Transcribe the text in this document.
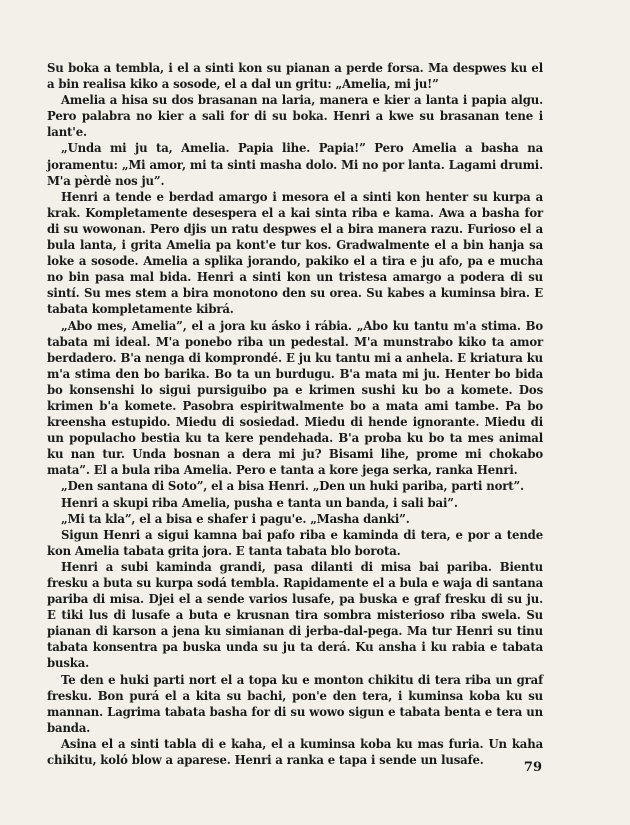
Su boka a tembla, i el a sinti kon su pianan a perde forsa. Ma despwes ku el a bin realisa kiko a sosode, el a dal un gritu: „Amelia, mi ju!”

Amelia a hisa su dos brasanan na laria, manera e kier a lanta i papia algu. Pero palabra no kier a sali for di su boka. Henri a kwe su brasanan tene i lant'e.

„Unda mi ju ta, Amelia. Papia lihe. Papia!” Pero Amelia a basha na joramentu: „Mi amor, mi ta sinti masha dolo. Mi no por lanta. Lagami drumi. M'a pèrdè nos ju”.

Henri a tende e berdad amargo i mesora el a sinti kon henter su kurpa a krak. Kompletamente desespera el a kai sinta riba e kama. Awa a basha for di su wowonan. Pero djis un ratu despwes el a bira manera razu. Furioso el a bula lanta, i grita Amelia pa kont'e tur kos. Gradwalmente el a bin hanja sa loke a sosode. Amelia a splika jorando, pakiko el a tira e ju afo, pa e mucha no bin pasa mal bida. Henri a sinti kon un tristesa amargo a podera di su sintí. Su mes stem a bira monotono den su orea. Su kabes a kuminsa bira. E tabata kompletamente kibrá.

„Abo mes, Amelia”, el a jora ku ásko i rábia. „Abo ku tantu m'a stima. Bo tabata mi ideal. M'a ponebo riba un pedestal. M'a munstrabo kiko ta amor berdadero. B'a nenga di komprondé. E ju ku tantu mi a anhela. E kriatura ku m'a stima den bo barika. Bo ta un burdugu. B'a mata mi ju. Henter bo bida bo konsenshi lo sigui pursiguibo pa e krimen sushi ku bo a komete. Dos krimen b'a komete. Pasobra espiritwalmente bo a mata ami tambe. Pa bo kreensha estupido. Miedu di sosiedad. Miedu di hende ignorante. Miedu di un populacho bestia ku ta kere pendehada. B'a proba ku bo ta mes animal ku nan tur. Unda bosnan a dera mi ju? Bisami lihe, prome mi chokabo mata”. El a bula riba Amelia. Pero e tanta a kore jega serka, ranka Henri.

„Den santana di Soto”, el a bisa Henri. „Den un huki pariba, parti nort”.

Henri a skupi riba Amelia, pusha e tanta un banda, i sali bai”.

„Mi ta kla”, el a bisa e shafer i pagu'e. „Masha danki”.

Sigun Henri a sigui kamna bai pafo riba e kaminda di tera, e por a tende kon Amelia tabata grita jora. E tanta tabata blo borota.

Henri a subi kaminda grandi, pasa dilanti di misa bai pariba. Bientu fresku a buta su kurpa sodá tembla. Rapidamente el a bula e waja di santana pariba di misa. Djei el a sende varios lusafe, pa buska e graf fresku di su ju. E tiki lus di lusafe a buta e krusnan tira sombra misterioso riba swela. Su pianan di karson a jena ku simianan di jerba-dal-pega. Ma tur Henri su tinu tabata konsentra pa buska unda su ju ta derá. Ku ansha i ku rabia e tabata buska.

Te den e huki parti nort el a topa ku e monton chikitu di tera riba un graf fresku. Bon purá el a kita su bachi, pon'e den tera, i kuminsa koba ku su mannan. Lagrima tabata basha for di su wowo sigun e tabata benta e tera un banda.

Asina el a sinti tabla di e kaha, el a kuminsa koba ku mas furia. Un kaha chikitu, koló blow a aparese. Henri a ranka e tapa i sende un lusafe.	79
